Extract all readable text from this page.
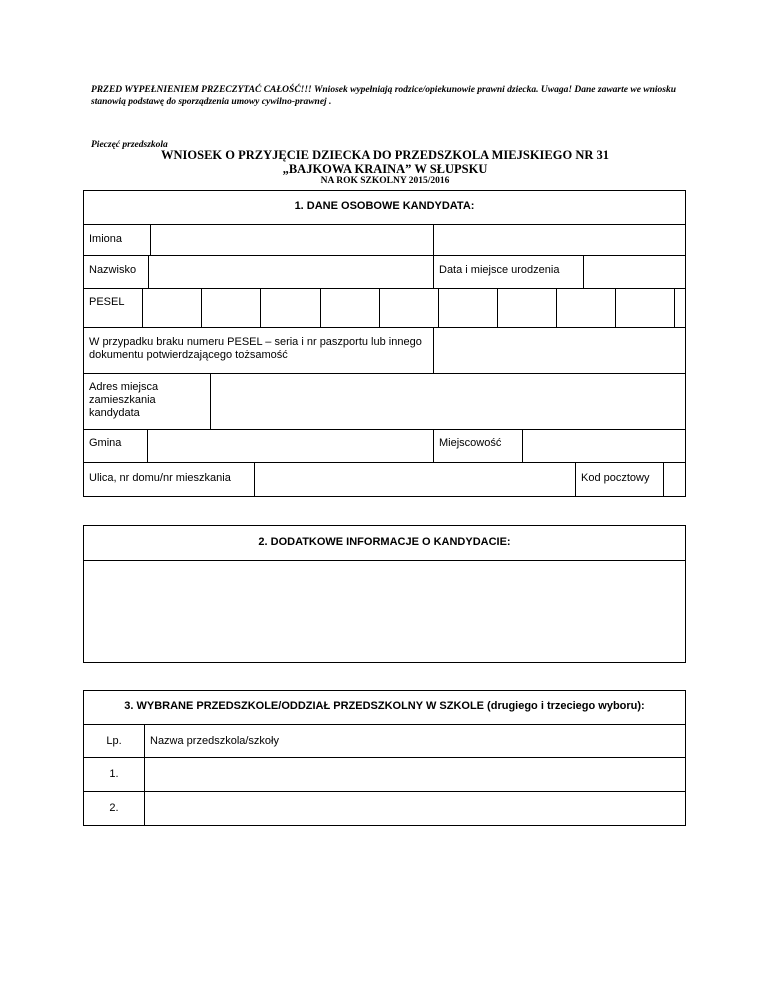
PRZED WYPEŁNIENIEM PRZECZYTAĆ CAŁOŚĆ!!! Wniosek wypełniają rodzice/opiekunowie prawni dziecka. Uwaga! Dane zawarte we wniosku stanowią podstawę do sporządzenia umowy cywilno-prawnej .
Pieczęć przedszkola
WNIOSEK O PRZYJĘCIE DZIECKA DO PRZEDSZKOLA MIEJSKIEGO NR 31
„BAJKOWA KRAINA” W SŁUPSKU
NA ROK SZKOLNY 2015/2016
1. DANE OSOBOWE KANDYDATA:
Imiona
Nazwisko	Data i miejsce urodzenia
PESEL
W przypadku braku numeru PESEL – seria i nr paszportu lub innego dokumentu potwierdzającego tożsamość
Adres miejsca zamieszkania kandydata
Gmina	Miejscowość
Ulica, nr domu/nr mieszkania	Kod pocztowy
2. DODATKOWE INFORMACJE O KANDYDACIE:
3. WYBRANE PRZEDSZKOLE/ODDZIAŁ PRZEDSZKOLNY W SZKOLE (drugiego i trzeciego wyboru):
Lp.	Nazwa przedszkola/szkoły
1.
2.
